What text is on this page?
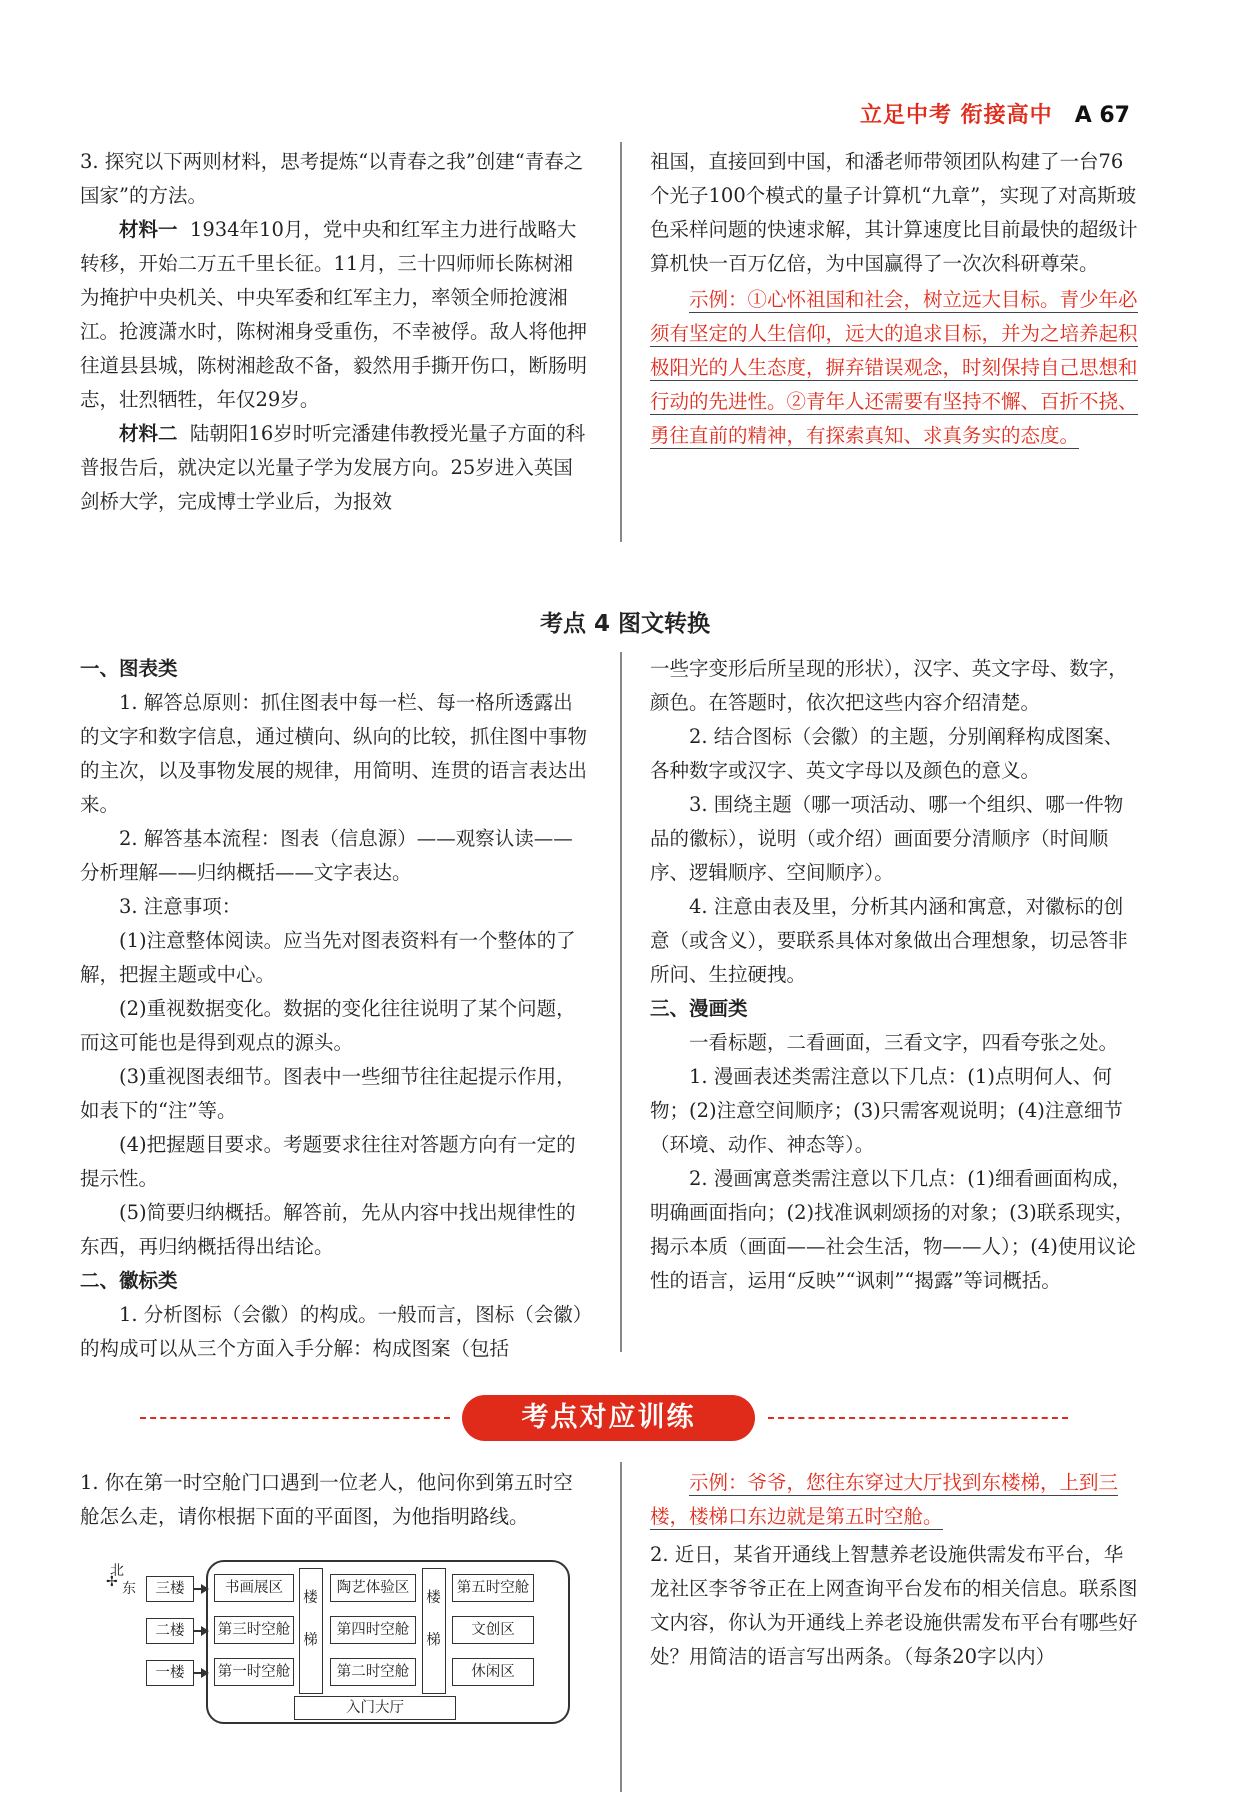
立足中考 衔接高中 A 67

3. 探究以下两则材料，思考提炼“以青春之我”创建“青春之国家”的方法。

材料一 1934年10月，党中央和红军主力进行战略大转移，开始二万五千里长征。11月，三十四师师长陈树湘为掩护中央机关、中央军委和红军主力，率领全师抢渡湘江。抢渡潇水时，陈树湘身受重伤，不幸被俘。敌人将他押往道县县城，陈树湘趁敌不备，毅然用手撕开伤口，断肠明志，壮烈牺牲，年仅29岁。

材料二 陆朝阳16岁时听完潘建伟教授光量子方面的科普报告后，就决定以光量子学为发展方向。25岁进入英国剑桥大学，完成博士学业后，为报效

祖国，直接回到中国，和潘老师带领团队构建了一台76个光子100个模式的量子计算机“九章”，实现了对高斯玻色采样问题的快速求解，其计算速度比目前最快的超级计算机快一百万亿倍，为中国赢得了一次次科研尊荣。

示例：①心怀祖国和社会，树立远大目标。青少年必须有坚定的人生信仰，远大的追求目标，并为之培养起积极阳光的人生态度，摒弃错误观念，时刻保持自己思想和行动的先进性。②青年人还需要有坚持不懈、百折不挠、勇往直前的精神，有探索真知、求真务实的态度。

考点 4 图文转换

一、图表类

1. 解答总原则：抓住图表中每一栏、每一格所透露出的文字和数字信息，通过横向、纵向的比较，抓住图中事物的主次，以及事物发展的规律，用简明、连贯的语言表达出来。

2. 解答基本流程：图表（信息源）——观察认读——分析理解——归纳概括——文字表达。

3. 注意事项：

(1)注意整体阅读。应当先对图表资料有一个整体的了解，把握主题或中心。

(2)重视数据变化。数据的变化往往说明了某个问题，而这可能也是得到观点的源头。

(3)重视图表细节。图表中一些细节往往起提示作用，如表下的“注”等。

(4)把握题目要求。考题要求往往对答题方向有一定的提示性。

(5)简要归纳概括。解答前，先从内容中找出规律性的东西，再归纳概括得出结论。

二、徽标类

1. 分析图标（会徽）的构成。一般而言，图标（会徽）的构成可以从三个方面入手分解：构成图案（包括

一些字变形后所呈现的形状），汉字、英文字母、数字，颜色。在答题时，依次把这些内容介绍清楚。

2. 结合图标（会徽）的主题，分别阐释构成图案、各种数字或汉字、英文字母以及颜色的意义。

3. 围绕主题（哪一项活动、哪一个组织、哪一件物品的徽标），说明（或介绍）画面要分清顺序（时间顺序、逻辑顺序、空间顺序）。

4. 注意由表及里，分析其内涵和寓意，对徽标的创意（或含义），要联系具体对象做出合理想象，切忌答非所问、生拉硬拽。

三、漫画类

一看标题，二看画面，三看文字，四看夸张之处。

1. 漫画表述类需注意以下几点：(1)点明何人、何物；(2)注意空间顺序；(3)只需客观说明；(4)注意细节（环境、动作、神态等）。

2. 漫画寓意类需注意以下几点：(1)细看画面构成，明确画面指向；(2)找准讽刺颂扬的对象；(3)联系现实，揭示本质（画面——社会生活，物——人）；(4)使用议论性的语言，运用“反映”“讽刺”“揭露”等词概括。

考点对应训练

1. 你在第一时空舱门口遇到一位老人，他问你到第五时空舱怎么走，请你根据下面的平面图，为他指明路线。

示例：爷爷，您往东穿过大厅找到东楼梯，上到三楼，楼梯口东边就是第五时空舱。

2. 近日，某省开通线上智慧养老设施供需发布平台，华龙社区李爷爷正在上网查询平台发布的相关信息。联系图文内容，你认为开通线上养老设施供需发布平台有哪些好处？用简洁的语言写出两条。（每条20字以内）

北
✢ 东	三楼
二楼
一楼
书画展区
第三时空舱
第一时空舱 楼梯
陶艺体验区
第四时空舱
第二时空舱	楼梯
第五时空舱
文创区
休闲区
入门大厅
